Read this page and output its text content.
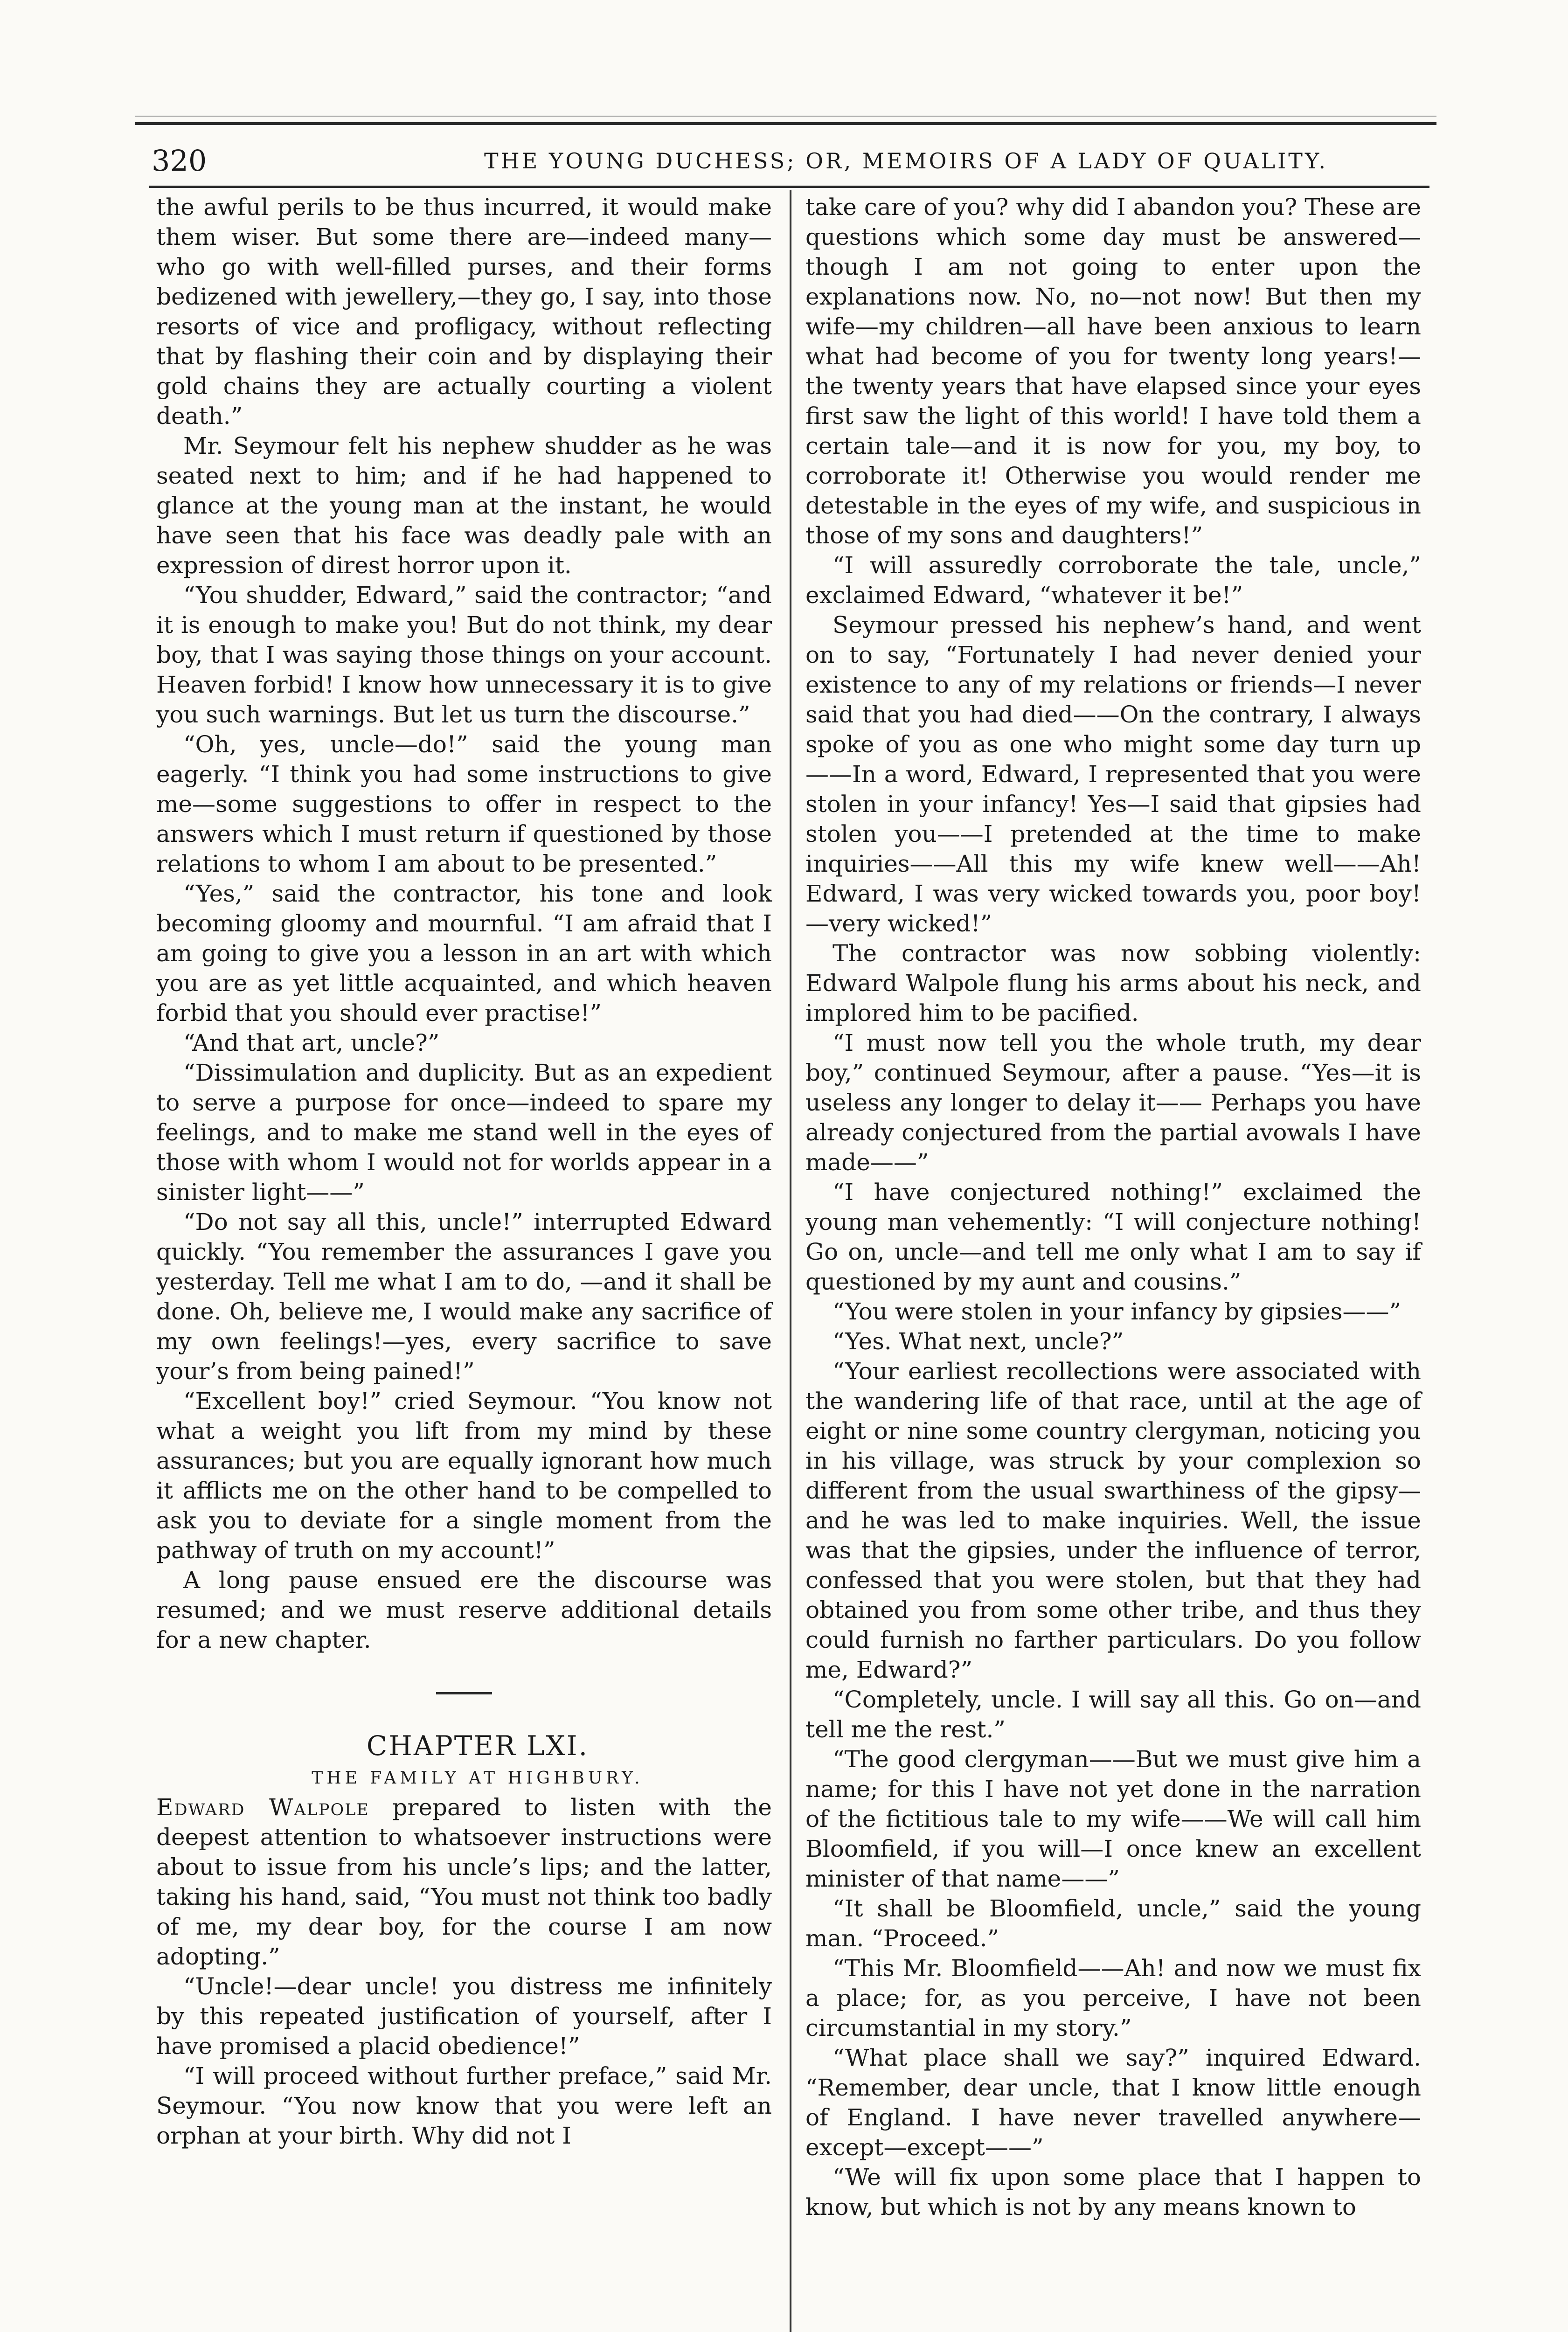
320	THE YOUNG DUCHESS; OR, MEMOIRS OF A LADY OF QUALITY.

the awful perils to be thus incurred, it would make them wiser. But some there are—indeed many—who go with well-filled purses, and their forms bedizened with jewellery,—they go, I say, into those resorts of vice and profligacy, without reflecting that by flashing their coin and by displaying their gold chains they are actually courting a violent death.”

Mr. Seymour felt his nephew shudder as he was seated next to him; and if he had happened to glance at the young man at the instant, he would have seen that his face was deadly pale with an expression of direst horror upon it.

“You shudder, Edward,” said the contractor; “and it is enough to make you! But do not think, my dear boy, that I was saying those things on your account. Heaven forbid! I know how unnecessary it is to give you such warnings. But let us turn the discourse.”

“Oh, yes, uncle—do!” said the young man eagerly. “I think you had some instructions to give me—some suggestions to offer in respect to the answers which I must return if questioned by those relations to whom I am about to be presented.”

“Yes,” said the contractor, his tone and look becoming gloomy and mournful. “I am afraid that I am going to give you a lesson in an art with which you are as yet little acquainted, and which heaven forbid that you should ever practise!”

“And that art, uncle?”

“Dissimulation and duplicity. But as an expedient to serve a purpose for once—indeed to spare my feelings, and to make me stand well in the eyes of those with whom I would not for worlds appear in a sinister light——”

“Do not say all this, uncle!” interrupted Edward quickly. “You remember the assurances I gave you yesterday. Tell me what I am to do, —and it shall be done. Oh, believe me, I would make any sacrifice of my own feelings!—yes, every sacrifice to save your’s from being pained!”

“Excellent boy!” cried Seymour. “You know not what a weight you lift from my mind by these assurances; but you are equally ignorant how much it afflicts me on the other hand to be compelled to ask you to deviate for a single moment from the pathway of truth on my account!”

A long pause ensued ere the discourse was resumed; and we must reserve additional details for a new chapter.

CHAPTER LXI.

THE FAMILY AT HIGHBURY.

Edward Walpole prepared to listen with the deepest attention to whatsoever instructions were about to issue from his uncle’s lips; and the latter, taking his hand, said, “You must not think too badly of me, my dear boy, for the course I am now adopting.”

“Uncle!—dear uncle! you distress me infinitely by this repeated justification of yourself, after I have promised a placid obedience!”

“I will proceed without further preface,” said Mr. Seymour. “You now know that you were left an orphan at your birth. Why did not I

take care of you? why did I abandon you? These are questions which some day must be answered—though I am not going to enter upon the explanations now. No, no—not now! But then my wife—my children—all have been anxious to learn what had become of you for twenty long years!—the twenty years that have elapsed since your eyes first saw the light of this world! I have told them a certain tale—and it is now for you, my boy, to corroborate it! Otherwise you would render me detestable in the eyes of my wife, and suspicious in those of my sons and daughters!”

“I will assuredly corroborate the tale, uncle,” exclaimed Edward, “whatever it be!”

Seymour pressed his nephew’s hand, and went on to say, “Fortunately I had never denied your existence to any of my relations or friends—I never said that you had died——On the contrary, I always spoke of you as one who might some day turn up——In a word, Edward, I represented that you were stolen in your infancy! Yes—I said that gipsies had stolen you——I pretended at the time to make inquiries——All this my wife knew well——Ah! Edward, I was very wicked towards you, poor boy!—very wicked!”

The contractor was now sobbing violently: Edward Walpole flung his arms about his neck, and implored him to be pacified.

“I must now tell you the whole truth, my dear boy,” continued Seymour, after a pause. “Yes—it is useless any longer to delay it—— Perhaps you have already conjectured from the partial avowals I have made——”

“I have conjectured nothing!” exclaimed the young man vehemently: “I will conjecture nothing! Go on, uncle—and tell me only what I am to say if questioned by my aunt and cousins.”

“You were stolen in your infancy by gipsies——”

“Yes. What next, uncle?”

“Your earliest recollections were associated with the wandering life of that race, until at the age of eight or nine some country clergyman, noticing you in his village, was struck by your complexion so different from the usual swarthiness of the gipsy—and he was led to make inquiries. Well, the issue was that the gipsies, under the influence of terror, confessed that you were stolen, but that they had obtained you from some other tribe, and thus they could furnish no farther particulars. Do you follow me, Edward?”

“Completely, uncle. I will say all this. Go on—and tell me the rest.”

“The good clergyman——But we must give him a name; for this I have not yet done in the narration of the fictitious tale to my wife——We will call him Bloomfield, if you will—I once knew an excellent minister of that name——”

“It shall be Bloomfield, uncle,” said the young man. “Proceed.”

“This Mr. Bloomfield——Ah! and now we must fix a place; for, as you perceive, I have not been circumstantial in my story.”

“What place shall we say?” inquired Edward. “Remember, dear uncle, that I know little enough of England. I have never travelled anywhere—except—except——”

“We will fix upon some place that I happen to know, but which is not by any means known to
